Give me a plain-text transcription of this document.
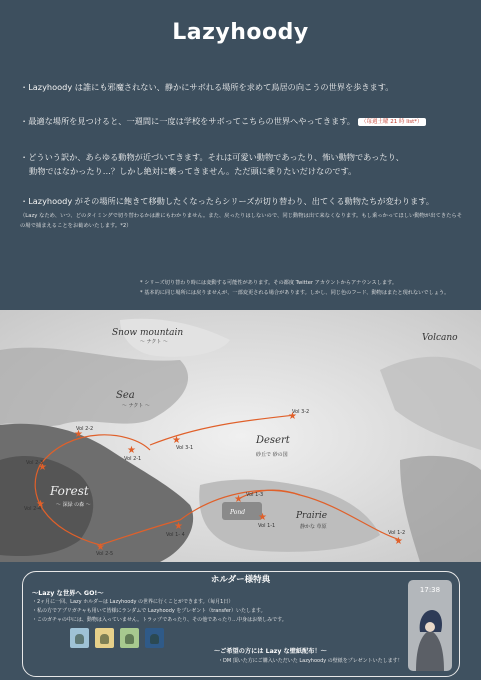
Lazyhoody
・Lazyhoody は誰にも邪魔されない、静かにサボれる場所を求めて鳥居の向こうの世界を歩きます。
・最適な場所を見つけると、一週間に一度は学校をサボってこちらの世界へやってきます。 （毎週土曜 21 時 list*）
・どういう訳か、あらゆる動物が近づいてきます。それは可愛い動物であったり、怖い動物であったり、
動物ではなかったり…？しかし絶対に襲ってきません。ただ頭に乗りたいだけなのです。
・Lazyhoody がその場所に飽きて移動したくなったらシリーズが切り替わり、出てくる動物たちが変わります。
（Lazy なため、いつ、どのタイミングで切り替わるかは誰にもわかりません。また、戻ったりはしないので、同じ動物は出て来なくなります。もし乗っかってほしい動物が出てきたらその場で捕まえることをお勧めいたします。*2）
* シリーズ切り替わり時には変動する可能性があります。その都度 Twitter アカウントからアナウンスします。
* 基本的に同じ場所には戻りませんが、一部変更される場合があります。しかし、同じ色のフード、動物はまたと現れないでしょう。
★
★
★
★
★
★
★
★
★
★
★
Snow mountain
〜 ナクト 〜	Volcano
Sea
〜 ナクト 〜
Desert
砂丘で 砂の国
Forest
～ 深緑 の森 ～
Prairie
静かな 草原
Pond
Vol 2-2
Vol 2-1
Vol 2-3
Vol 2-4
Vol 2-5
Vol 3-1
Vol 3-2
Vol 1- 4
Vol 1-3
Vol 1-1
Vol 1-2
ホルダー様特典
〜Lazy な世界へ GO!〜
・2ヶ月に一回、Lazy ホルダーは Lazyhoody の世界に行くことができます。（毎月1日）
・私の方でアプリガチャも用いて皆様にランダムで Lazyhoody をプレゼント（transfer）いたします。
・このガチャの中には、動物は入っていません。トラップであったり、その他であったり…中身はお楽しみです。
〜ご希望の方には Lazy な壁紙配布！〜
・DM 頂いた方にご購入いただいた Lazyhoody の壁紙をプレゼントいたします！
17:38
